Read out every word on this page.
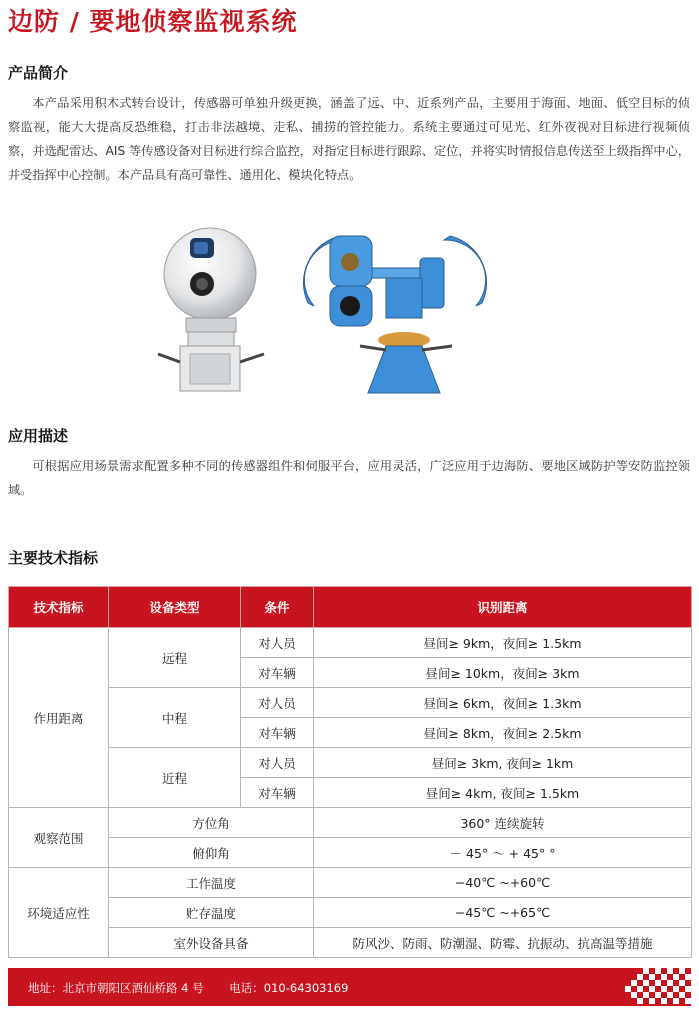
边防 / 要地侦察监视系统
产品简介

本产品采用积木式转台设计，传感器可单独升级更换，涵盖了远、中、近系列产品，主要用于海面、地面、低空目标的侦察监视，能大大提高反恐维稳，打击非法越境、走私、捕捞的管控能力。系统主要通过可见光、红外夜视对目标进行视频侦察，并选配雷达、AIS 等传感设备对目标进行综合监控，对指定目标进行跟踪、定位，并将实时情报信息传送至上级指挥中心，并受指挥中心控制。本产品具有高可靠性、通用化、模块化特点。

应用描述

可根据应用场景需求配置多种不同的传感器组件和伺服平台，应用灵活，广泛应用于边海防、要地区域防护等安防监控领域。

主要技术指标
技术指标	设备类型	条件	识别距离
作用距离	远程	对人员	昼间≥ 9km，夜间≥ 1.5km
		对车辆	昼间≥ 10km，夜间≥ 3km
	中程	对人员	昼间≥ 6km，夜间≥ 1.3km
		对车辆	昼间≥ 8km，夜间≥ 2.5km
	近程	对人员	昼间≥ 3km, 夜间≥ 1km
		对车辆	昼间≥ 4km, 夜间≥ 1.5km
观察范围	方位角		360° 连续旋转
	俯仰角		－ 45° ～ + 45° °
环境适应性	工作温度		−40℃ ~+60℃
	贮存温度		−45℃ ~+65℃
	室外设备具备		防风沙、防雨、防潮湿、防霉、抗振动、抗高温等措施
地址：北京市朝阳区酒仙桥路 4 号 电话：010-64303169
